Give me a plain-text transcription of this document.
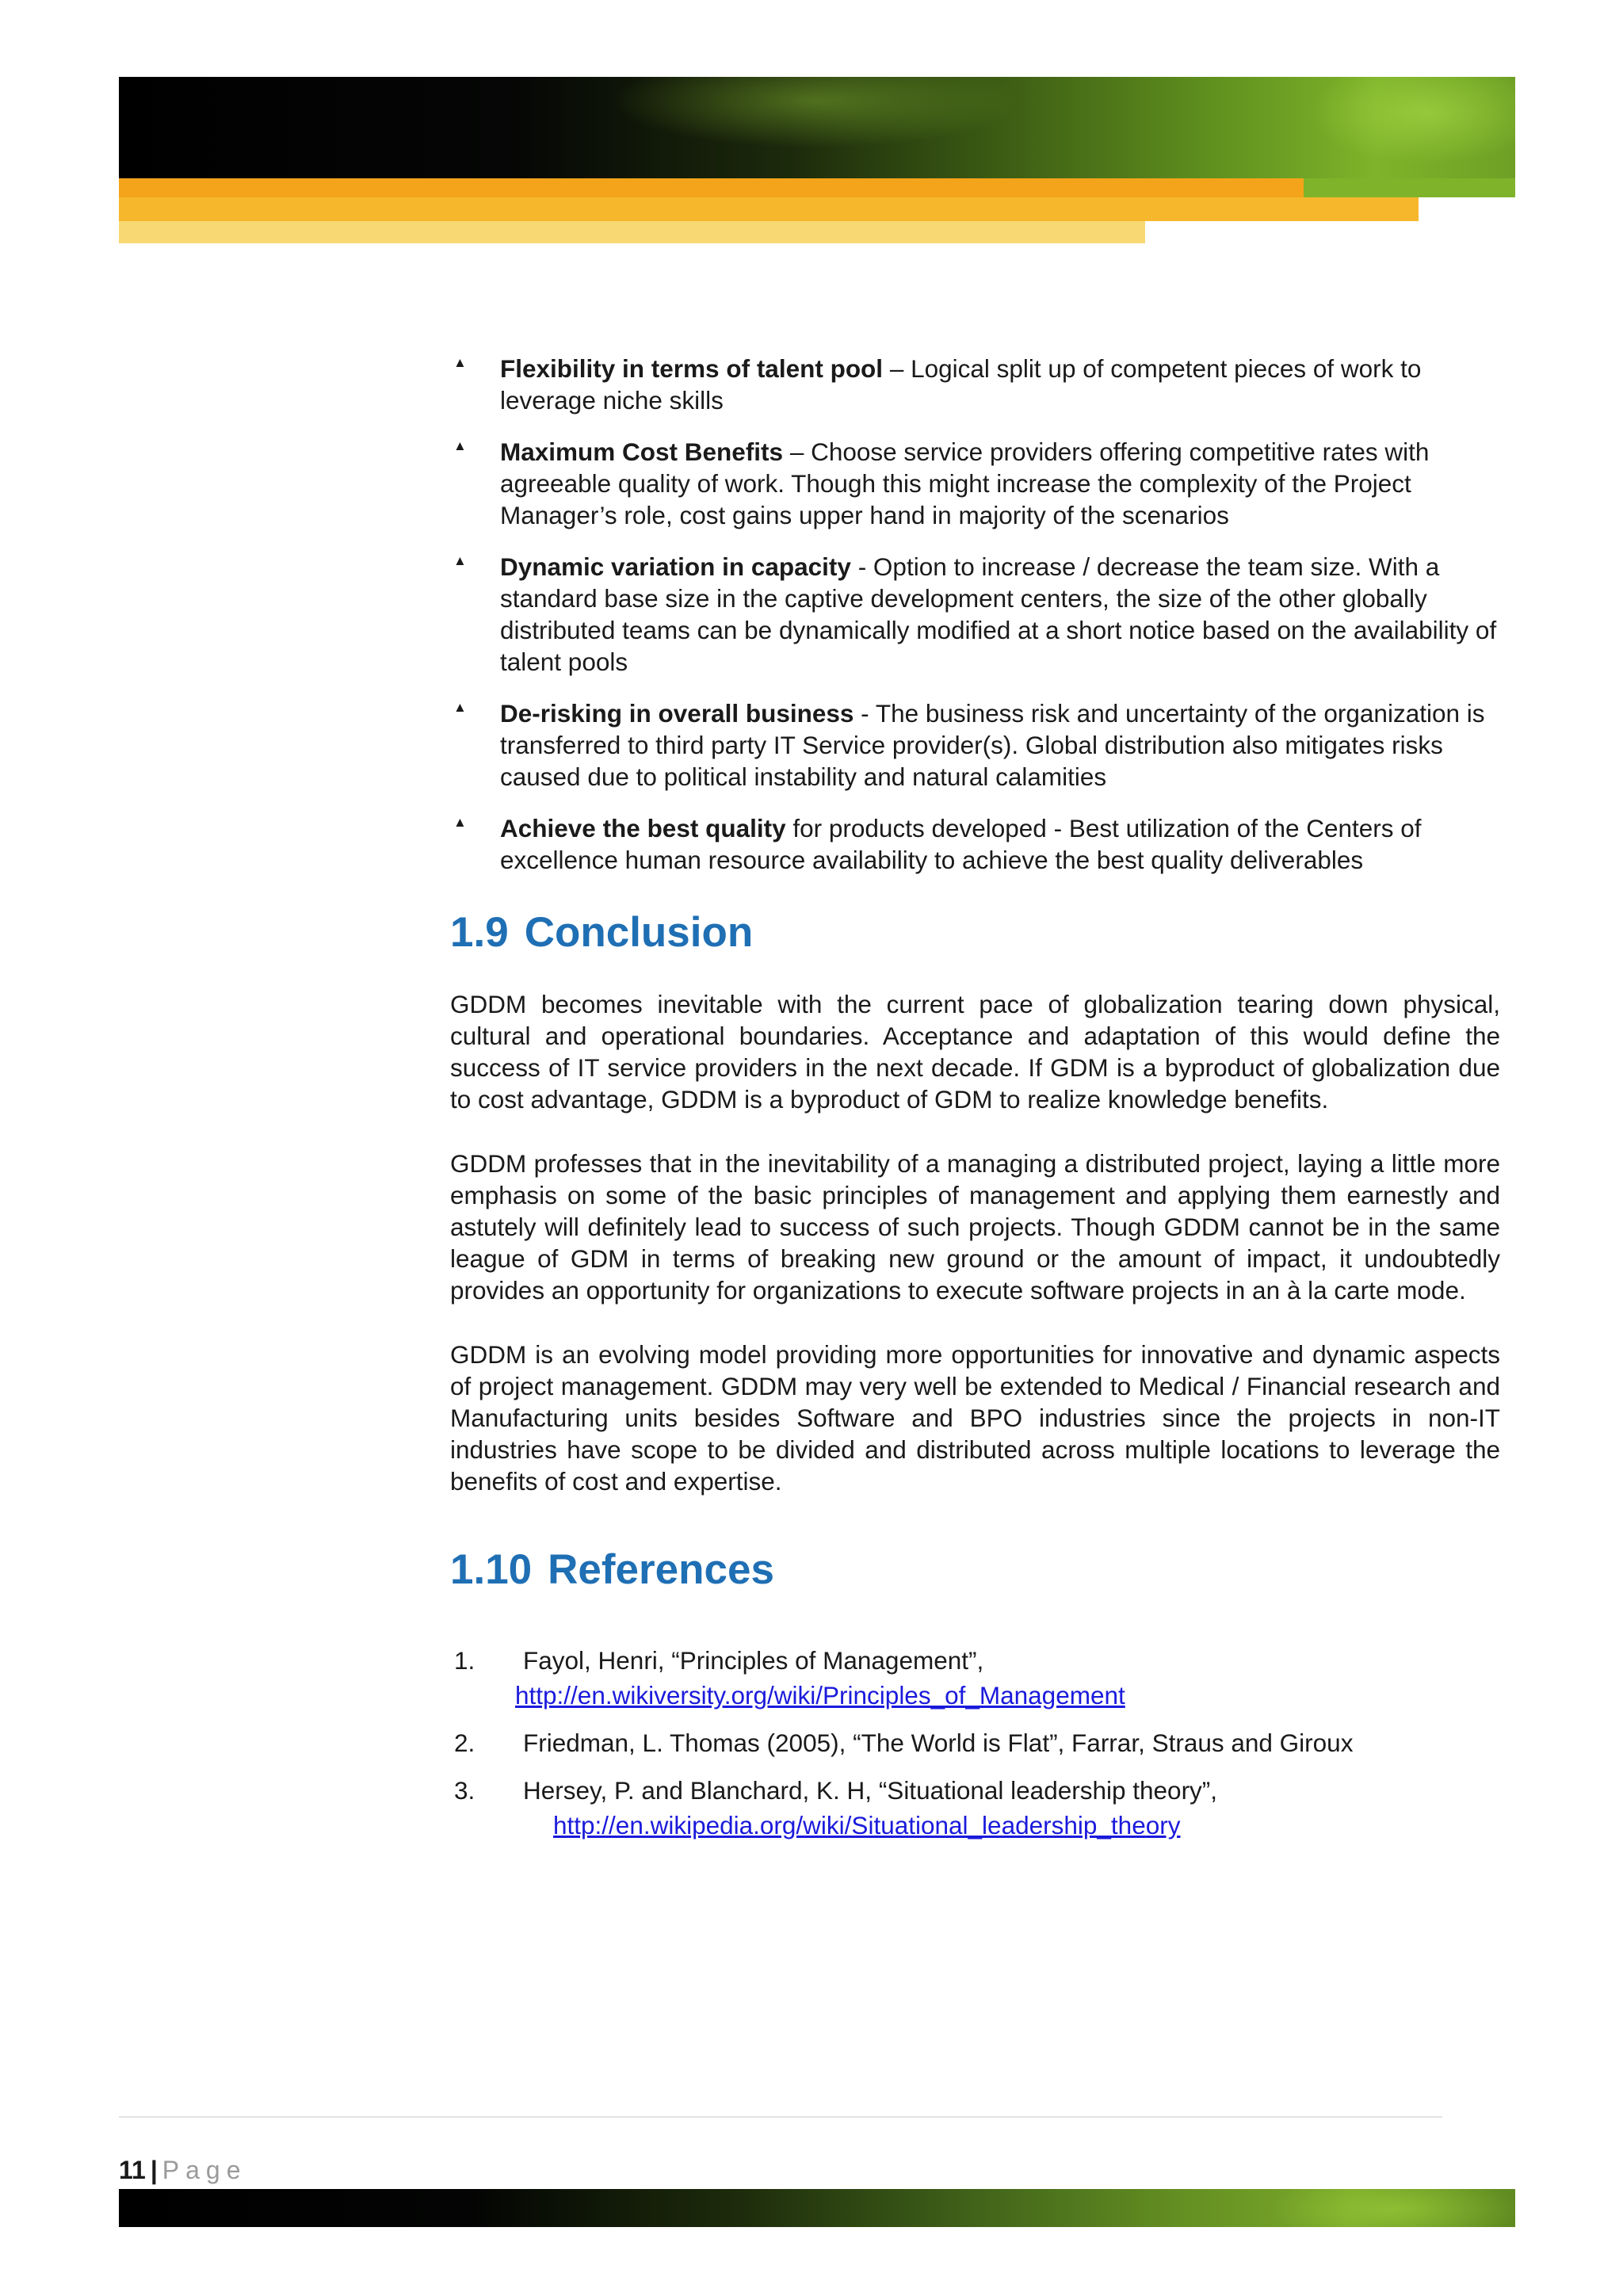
▲ Flexibility in terms of talent pool – Logical split up of competent pieces of work to leverage niche skills
▲ Maximum Cost Benefits – Choose service providers offering competitive rates with agreeable quality of work. Though this might increase the complexity of the Project Manager’s role, cost gains upper hand in majority of the scenarios
▲ Dynamic variation in capacity - Option to increase / decrease the team size. With a standard base size in the captive development centers, the size of the other globally distributed teams can be dynamically modified at a short notice based on the availability of talent pools
▲ De-risking in overall business - The business risk and uncertainty of the organization is transferred to third party IT Service provider(s). Global distribution also mitigates risks caused due to political instability and natural calamities
▲ Achieve the best quality for products developed - Best utilization of the Centers of excellence human resource availability to achieve the best quality deliverables
1.9 Conclusion

GDDM becomes inevitable with the current pace of globalization tearing down physical, cultural and operational boundaries. Acceptance and adaptation of this would define the success of IT service providers in the next decade. If GDM is a byproduct of globalization due to cost advantage, GDDM is a byproduct of GDM to realize knowledge benefits.

GDDM professes that in the inevitability of a managing a distributed project, laying a little more emphasis on some of the basic principles of management and applying them earnestly and astutely will definitely lead to success of such projects. Though GDDM cannot be in the same league of GDM in terms of breaking new ground or the amount of impact, it undoubtedly provides an opportunity for organizations to execute software projects in an à la carte mode.

GDDM is an evolving model providing more opportunities for innovative and dynamic aspects of project management. GDDM may very well be extended to Medical / Financial research and Manufacturing units besides Software and BPO industries since the projects in non-IT industries have scope to be divided and distributed across multiple locations to leverage the benefits of cost and expertise.

1.10 References
1. Fayol, Henri, “Principles of Management”,
http://en.wikiversity.org/wiki/Principles_of_Management
2. Friedman, L. Thomas (2005), “The World is Flat”, Farrar, Straus and Giroux
3. Hersey, P. and Blanchard, K. H, “Situational leadership theory”,
http://en.wikipedia.org/wiki/Situational_leadership_theory
11 | Page
